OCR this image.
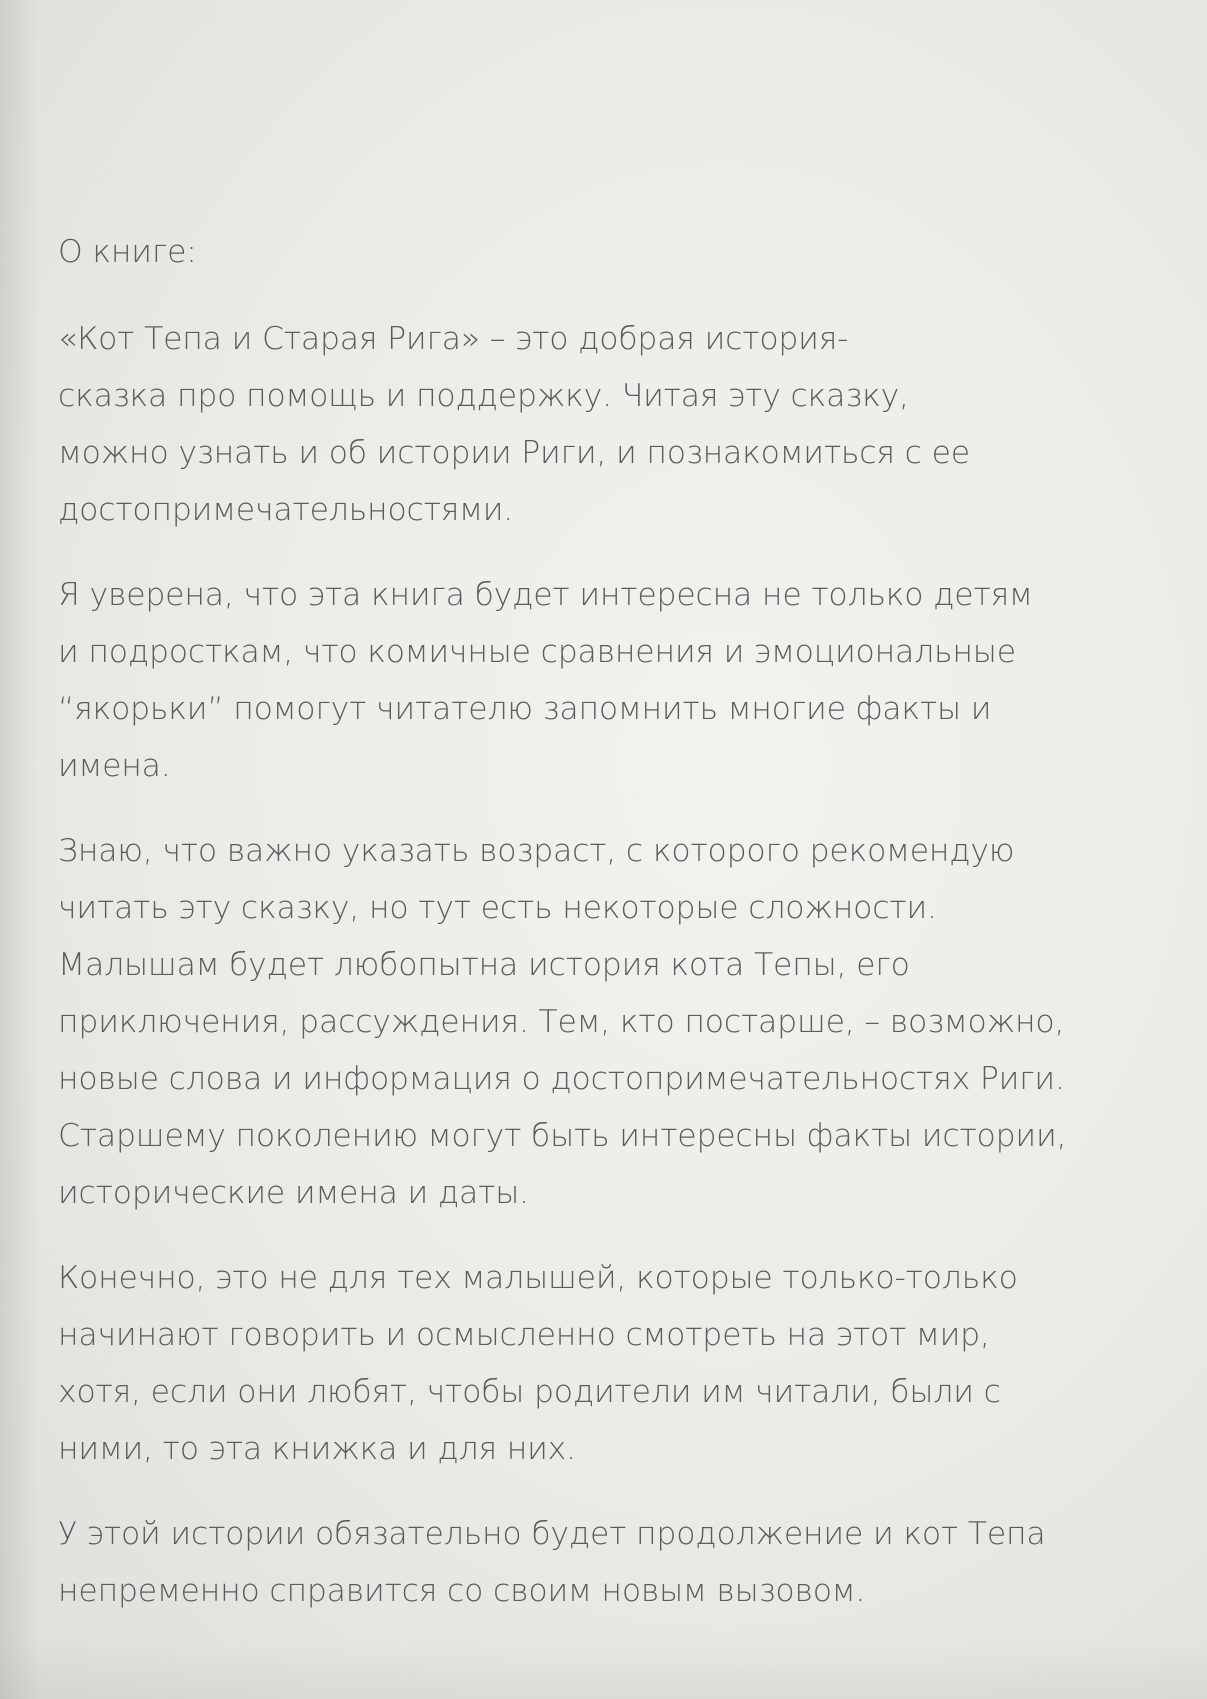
О книге:
«Кот Тепа и Старая Рига» – это добрая история-
сказка про помощь и поддержку. Читая эту сказку,
можно узнать и об истории Риги, и познакомиться с ее
достопримечательностями.
Я уверена, что эта книга будет интересна не только детям
и подросткам, что комичные сравнения и эмоциональные
“якорьки” помогут читателю запомнить многие факты и
имена.
Знаю, что важно указать возраст, с которого рекомендую
читать эту сказку, но тут есть некоторые сложности.
Малышам будет любопытна история кота Тепы, его
приключения, рассуждения. Тем, кто постарше, – возможно,
новые слова и информация о достопримечательностях Риги.
Старшему поколению могут быть интересны факты истории,
исторические имена и даты.
Конечно, это не для тех малышей, которые только-только
начинают говорить и осмысленно смотреть на этот мир,
хотя, если они любят, чтобы родители им читали, были с
ними, то эта книжка и для них.
У этой истории обязательно будет продолжение и кот Тепа
непременно справится со своим новым вызовом.
